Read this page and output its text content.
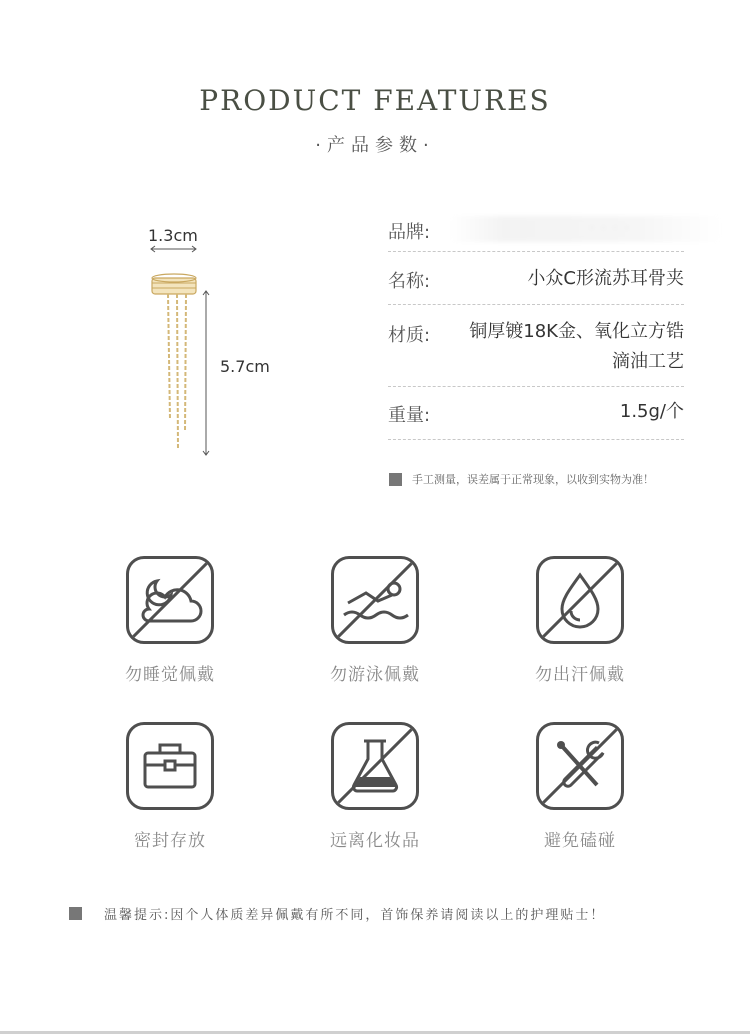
PRODUCT FEATURES
·产品参数·
1.3cm
5.7cm
品牌:	· · · ·
名称:	小众C形流苏耳骨夹
材质: 铜厚镀18K金、氧化立方锆
滴油工艺
重量:	1.5g/个
手工测量，误差属于正常现象，以收到实物为准！
勿睡觉佩戴	勿游泳佩戴	勿出汗佩戴
密封存放	远离化妆品	避免磕碰
温馨提示:因个人体质差异佩戴有所不同，首饰保养请阅读以上的护理贴士！
